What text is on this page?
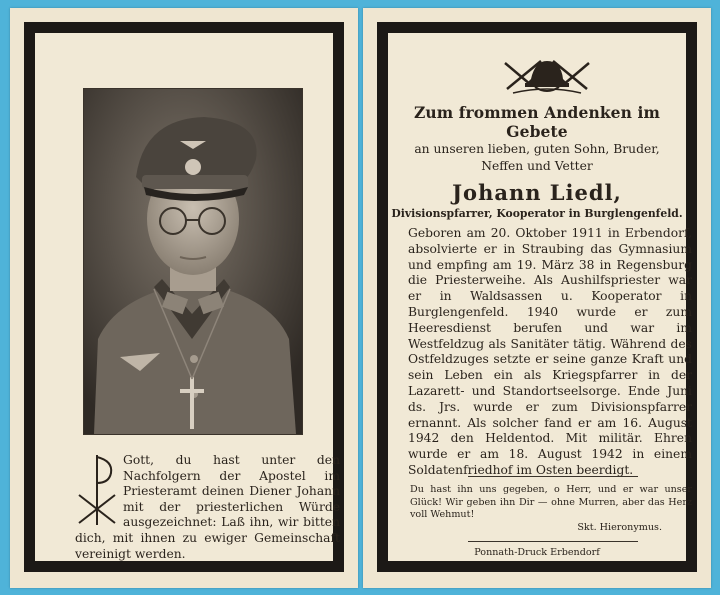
Gott, du hast unter den Nachfolgern der Apostel im Priesteramt deinen Diener Johann mit der priesterlichen Würde ausgezeichnet: Laß ihn, wir bitten dich, mit ihnen zu ewiger Gemeinschaft vereinigt werden.

Zum frommen Andenken im Gebete

an unseren lieben, guten Sohn, Bruder,

Neffen und Vetter

Johann Liedl,

Divisionspfarrer, Kooperator in Burglengenfeld.

Geboren am 20. Oktober 1911 in Erbendorf, absolvierte er in Straubing das Gymnasium und empfing am 19. März 38 in Regensburg die Priesterweihe. Als Aushilfspriester war er in Waldsassen u. Kooperator in Burglengenfeld. 1940 wurde er zum Heeresdienst berufen und war im Westfeldzug als Sanitäter tätig. Während des Ostfeldzuges setzte er seine ganze Kraft und sein Leben ein als Kriegspfarrer in der Lazarett- und Standortseelsorge. Ende Juni ds. Jrs. wurde er zum Divisionspfarrer ernannt. Als solcher fand er am 16. August 1942 den Heldentod. Mit militär. Ehren wurde er am 18. August 1942 in einem Soldatenfriedhof im Osten beerdigt.

Du hast ihn uns gegeben, o Herr, und er war unser Glück! Wir geben ihn Dir — ohne Murren, aber das Herz voll Wehmut!

Skt. Hieronymus.
Ponnath-Druck Erbendorf
